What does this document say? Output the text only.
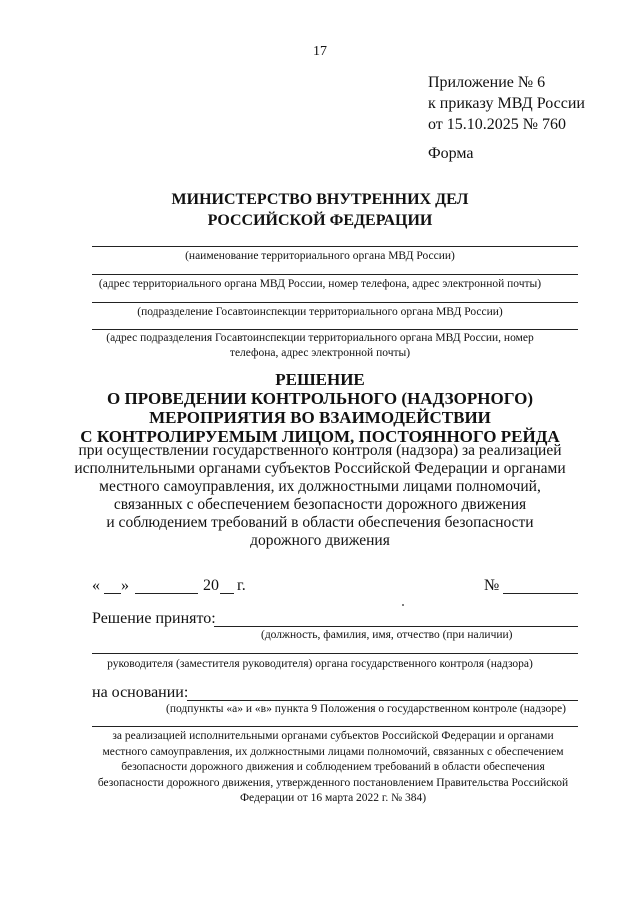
17
Приложение № 6
к приказу МВД России
от 15.10.2025 № 760
Форма
МИНИСТЕРСТВО ВНУТРЕННИХ ДЕЛ
РОССИЙСКОЙ ФЕДЕРАЦИИ
(наименование территориального органа МВД России)
(адрес территориального органа МВД России, номер телефона, адрес электронной почты)
(подразделение Госавтоинспекции территориального органа МВД России)
(адрес подразделения Госавтоинспекции территориального органа МВД России, номер
телефона, адрес электронной почты)
РЕШЕНИЕ
О ПРОВЕДЕНИИ КОНТРОЛЬНОГО (НАДЗОРНОГО)
МЕРОПРИЯТИЯ ВО ВЗАИМОДЕЙСТВИИ
С КОНТРОЛИРУЕМЫМ ЛИЦОМ, ПОСТОЯННОГО РЕЙДА
при осуществлении государственного контроля (надзора) за реализацией
исполнительными органами субъектов Российской Федерации и органами
местного самоуправления, их должностными лицами полномочий,
связанных с обеспечением безопасности дорожного движения
и соблюдением требований в области обеспечения безопасности
дорожного движения
« »	20 г.	№
Решение принято:
(должность, фамилия, имя, отчество (при наличии)
руководителя (заместителя руководителя) органа государственного контроля (надзора)
на основании:
(подпункты «а» и «в» пункта 9 Положения о государственном контроле (надзоре)
за реализацией исполнительными органами субъектов Российской Федерации и органами
местного самоуправления, их должностными лицами полномочий, связанных с обеспечением
безопасности дорожного движения и соблюдением требований в области обеспечения
безопасности дорожного движения, утвержденного постановлением Правительства Российской
Федерации от 16 марта 2022 г. № 384)
